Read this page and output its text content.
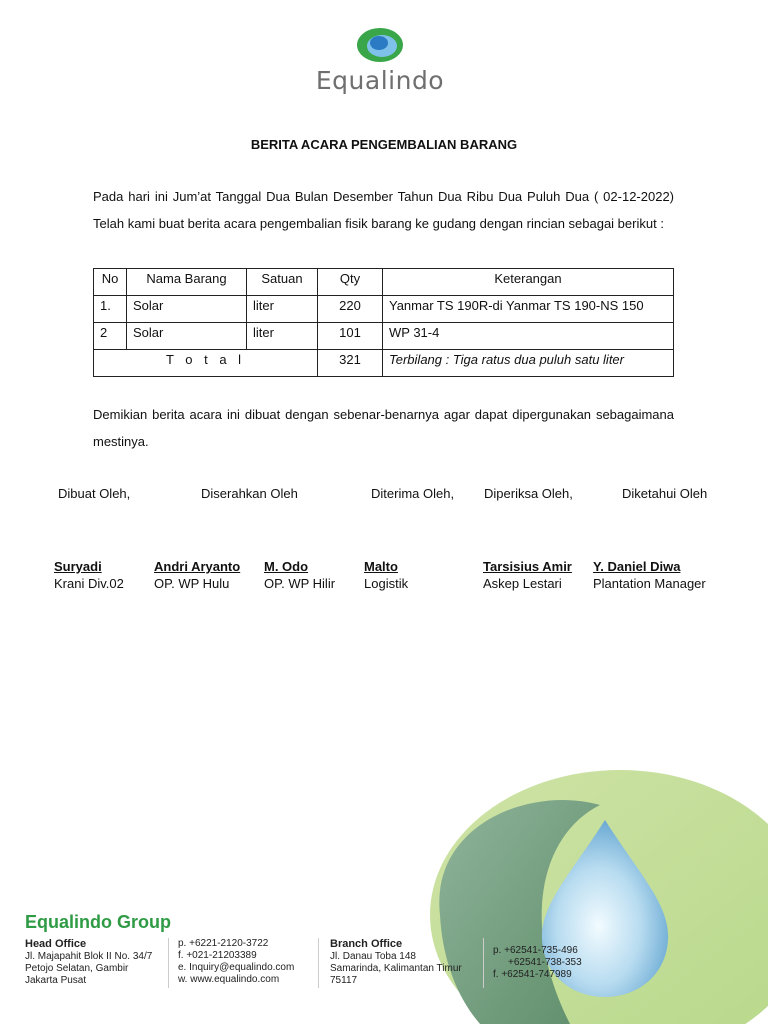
Equalindo
BERITA ACARA PENGEMBALIAN BARANG
Pada hari ini Jum’at Tanggal Dua Bulan Desember Tahun Dua Ribu Dua Puluh Dua ( 02-12-2022) Telah kami buat berita acara pengembalian fisik barang ke gudang dengan rincian sebagai berikut :
No	Nama Barang	Satuan	Qty	Keterangan
1.	Solar	liter	220	Yanmar TS 190R-di Yanmar TS 190-NS 150
2	Solar	liter	101	WP 31-4
T o t a l			321	Terbilang : Tiga ratus dua puluh satu liter
Demikian berita acara ini dibuat dengan sebenar-benarnya agar dapat dipergunakan sebagaimana mestinya.
Dibuat Oleh,	Diserahkan Oleh	Diterima Oleh, Diperiksa Oleh,	Diketahui Oleh
Suryadi
Krani Div.02
Andri Aryanto
OP. WP Hulu
M. Odo
OP. WP Hilir
Malto
Logistik
Tarsisius Amir
Askep Lestari
Y. Daniel Diwa
Plantation Manager
Equalindo Group
Head Office
Jl. Majapahit Blok II No. 34/7
Petojo Selatan, Gambir
Jakarta Pusat
p. +6221-2120-3722
f. +021-21203389
e. Inquiry@equalindo.com
w. www.equalindo.com
Branch Office
Jl. Danau Toba 148
Samarinda, Kalimantan Timur
75117
p. +62541-735-496
+62541-738-353
f. +62541-747989
